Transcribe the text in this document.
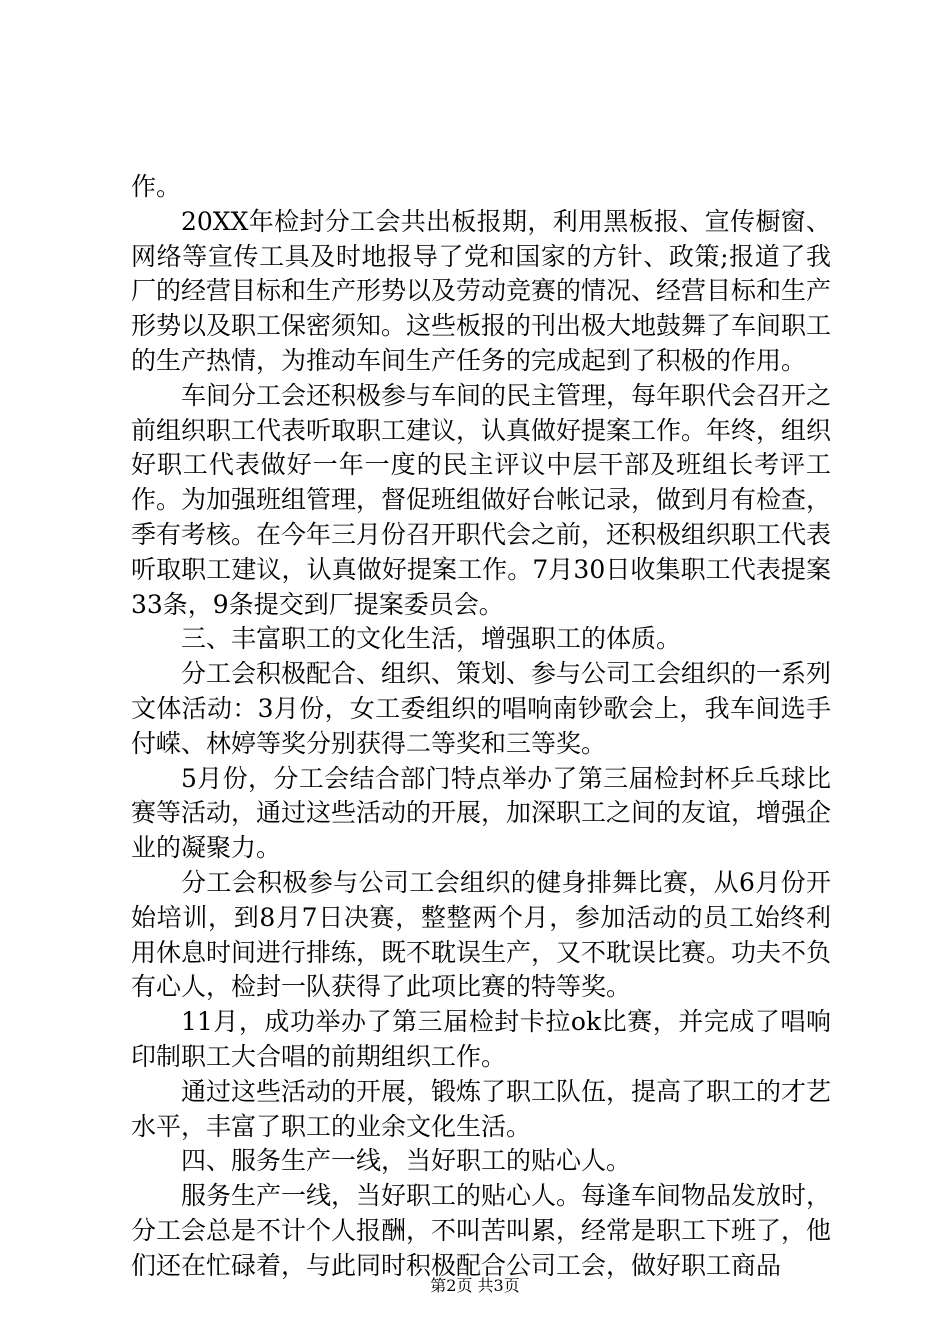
作。

20XX年检封分工会共出板报期，利用黑板报、宣传橱窗、网络等宣传工具及时地报导了党和国家的方针、政策;报道了我厂的经营目标和生产形势以及劳动竞赛的情况、经营目标和生产形势以及职工保密须知。这些板报的刊出极大地鼓舞了车间职工的生产热情，为推动车间生产任务的完成起到了积极的作用。

车间分工会还积极参与车间的民主管理，每年职代会召开之前组织职工代表听取职工建议，认真做好提案工作。年终，组织好职工代表做好一年一度的民主评议中层干部及班组长考评工作。为加强班组管理，督促班组做好台帐记录，做到月有检查，季有考核。在今年三月份召开职代会之前，还积极组织职工代表听取职工建议，认真做好提案工作。7月30日收集职工代表提案33条，9条提交到厂提案委员会。

三、丰富职工的文化生活，增强职工的体质。

分工会积极配合、组织、策划、参与公司工会组织的一系列文体活动：3月份，女工委组织的唱响南钞歌会上，我车间选手付嵘、林婷等奖分别获得二等奖和三等奖。

5月份，分工会结合部门特点举办了第三届检封杯乒乓球比赛等活动，通过这些活动的开展，加深职工之间的友谊，增强企业的凝聚力。

分工会积极参与公司工会组织的健身排舞比赛，从6月份开始培训，到8月7日决赛，整整两个月，参加活动的员工始终利用休息时间进行排练，既不耽误生产，又不耽误比赛。功夫不负有心人，检封一队获得了此项比赛的特等奖。

11月，成功举办了第三届检封卡拉ok比赛，并完成了唱响印制职工大合唱的前期组织工作。

通过这些活动的开展，锻炼了职工队伍，提高了职工的才艺水平，丰富了职工的业余文化生活。

四、服务生产一线，当好职工的贴心人。

服务生产一线，当好职工的贴心人。每逢车间物品发放时，分工会总是不计个人报酬，不叫苦叫累，经常是职工下班了，他们还在忙碌着，与此同时积极配合公司工会，做好职工商品

第2页 共3页
